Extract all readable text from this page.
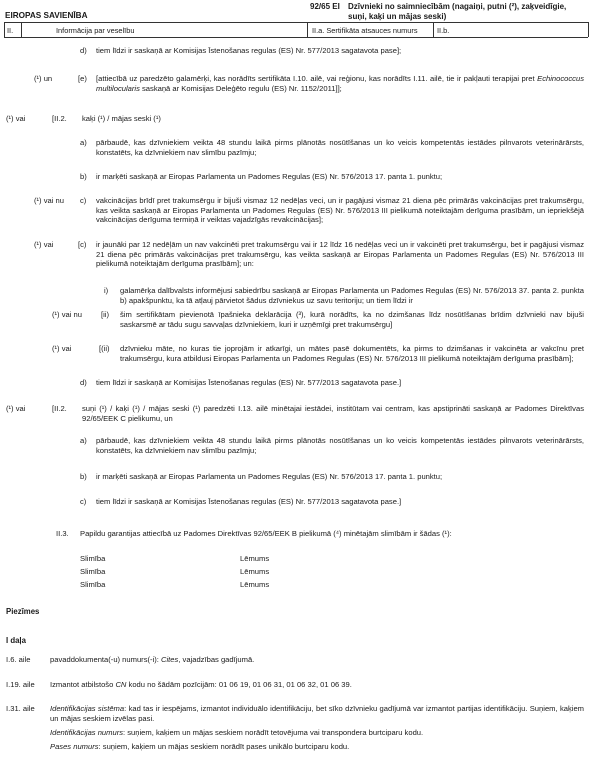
EIROPAS SAVIENĪBA
92/65 EI Dzīvnieki no saimniecībām (nagaiņi, putni (²), zaķveidīgie, suņi, kaķi un mājas seski)
II.	Informācija par veselību	II.a. Sertifikāta atsauces numurs	II.b.
d) tiem līdzi ir saskaņā ar Komisijas Īstenošanas regulas (ES) Nr. 577/2013 sagatavota pase];
(¹) un	[e) [attiecībā uz paredzēto galamērķi, kas norādīts sertifikāta I.10. ailē, vai reģionu, kas norādīts I.11. ailē, tie ir pakļauti terapijai pret Echinococcus multilocularis saskaņā ar Komisijas Deleģēto regulu (ES) Nr. 1152/2011]];
(¹) vai	[II.2. kaķi (¹) / mājas seski (¹)
a) pārbaudē, kas dzīvniekiem veikta 48 stundu laikā pirms plānotās nosūtīšanas un ko veicis kompetentās iestādes pilnvarots veterinārārsts, konstatēts, ka dzīvniekiem nav slimību pazīmju;
b) ir marķēti saskaņā ar Eiropas Parlamenta un Padomes Regulas (ES) Nr. 576/2013 17. panta 1. punktu;
(¹) vai nu c) vakcinācijas brīdī pret trakumsērgu ir bijuši vismaz 12 nedēļas veci, un ir pagājusi vismaz 21 diena pēc primārās vakcinācijas pret trakumsērgu, kas veikta saskaņā ar Eiropas Parlamenta un Padomes Regulas (ES) Nr. 576/2013 III pielikumā noteiktajām derīguma prasībām, un iepriekšējā vakcinācijas derīguma termiņā ir veiktas vajadzīgās revakcinācijas];
(¹) vai	[c) ir jaunāki par 12 nedēļām un nav vakcinēti pret trakumsērgu vai ir 12 līdz 16 nedēļas veci un ir vakcinēti pret trakumsērgu, bet ir pagājusi vismaz 21 diena pēc primārās vakcinācijas pret trakumsērgu, kas veikta saskaņā ar Eiropas Parlamenta un Padomes Regulas (ES) Nr. 576/2013 III pielikumā noteiktajām derīguma prasībām]; un:
i) galamērķa dalībvalsts informējusi sabiedrību saskaņā ar Eiropas Parlamenta un Padomes Regulas (ES) Nr. 576/2013 37. panta 2. punkta b) apakšpunktu, ka tā atļauj pārvietot šādus dzīvniekus uz savu teritoriju; un tiem līdzi ir
(¹) vai nu	[ii) šim sertifikātam pievienotā īpašnieka deklarācija (³), kurā norādīts, ka no dzimšanas līdz nosūtīšanas brīdim dzīvnieki nav bijuši saskarsmē ar tādu sugu savvaļas dzīvniekiem, kuri ir uzņēmīgi pret trakumsērgu]
(¹) vai	[(ii) dzīvnieku māte, no kuras tie joprojām ir atkarīgi, un mātes pasē dokumentēts, ka pirms to dzimšanas ir vakcinēta ar vakcīnu pret trakumsērgu, kura atbildusi Eiropas Parlamenta un Padomes Regulas (ES) Nr. 576/2013 III pielikumā noteiktajām derīguma prasībām];
d) tiem līdzi ir saskaņā ar Komisijas Īstenošanas regulas (ES) Nr. 577/2013 sagatavota pase.]
(¹) vai	[II.2. suņi (¹) / kaķi (¹) / mājas seski (¹) paredzēti I.13. ailē minētajai iestādei, institūtam vai centram, kas apstiprināti saskaņā ar Padomes Direktīvas 92/65/EEK C pielikumu, un
a) pārbaudē, kas dzīvniekiem veikta 48 stundu laikā pirms plānotās nosūtīšanas un ko veicis kompetentās iestādes pilnvarots veterinārārsts, konstatēts, ka dzīvniekiem nav slimību pazīmju;
b) ir marķēti saskaņā ar Eiropas Parlamenta un Padomes Regulas (ES) Nr. 576/2013 17. panta 1. punktu;
c) tiem līdzi ir saskaņā ar Komisijas Īstenošanas regulas (ES) Nr. 577/2013 sagatavota pase.]
II.3. Papildu garantijas attiecībā uz Padomes Direktīvas 92/65/EEK B pielikumā (⁴) minētajām slimībām ir šādas (¹):
Slimība	Lēmums
Slimība	Lēmums
Slimība	Lēmums
Piezīmes
I daļa
I.6. aile	pavaddokumenta(-u) numurs(-i): Cites, vajadzības gadījumā.
I.19. aile Izmantot atbilstošo CN kodu no šādām pozīcijām: 01 06 19, 01 06 31, 01 06 32, 01 06 39.
I.31. aile Identifikācijas sistēma: kad tas ir iespējams, izmantot individuālo identifikāciju, bet sīko dzīvnieku gadījumā var izmantot partijas identifikāciju. Suņiem, kaķiem un mājas seskiem izvēlas pasi.
Identifikācijas numurs: suņiem, kaķiem un mājas seskiem norādīt tetovējuma vai transpondera burtciparu kodu.
Pases numurs: suņiem, kaķiem un mājas seskiem norādīt pases unikālo burtciparu kodu.
